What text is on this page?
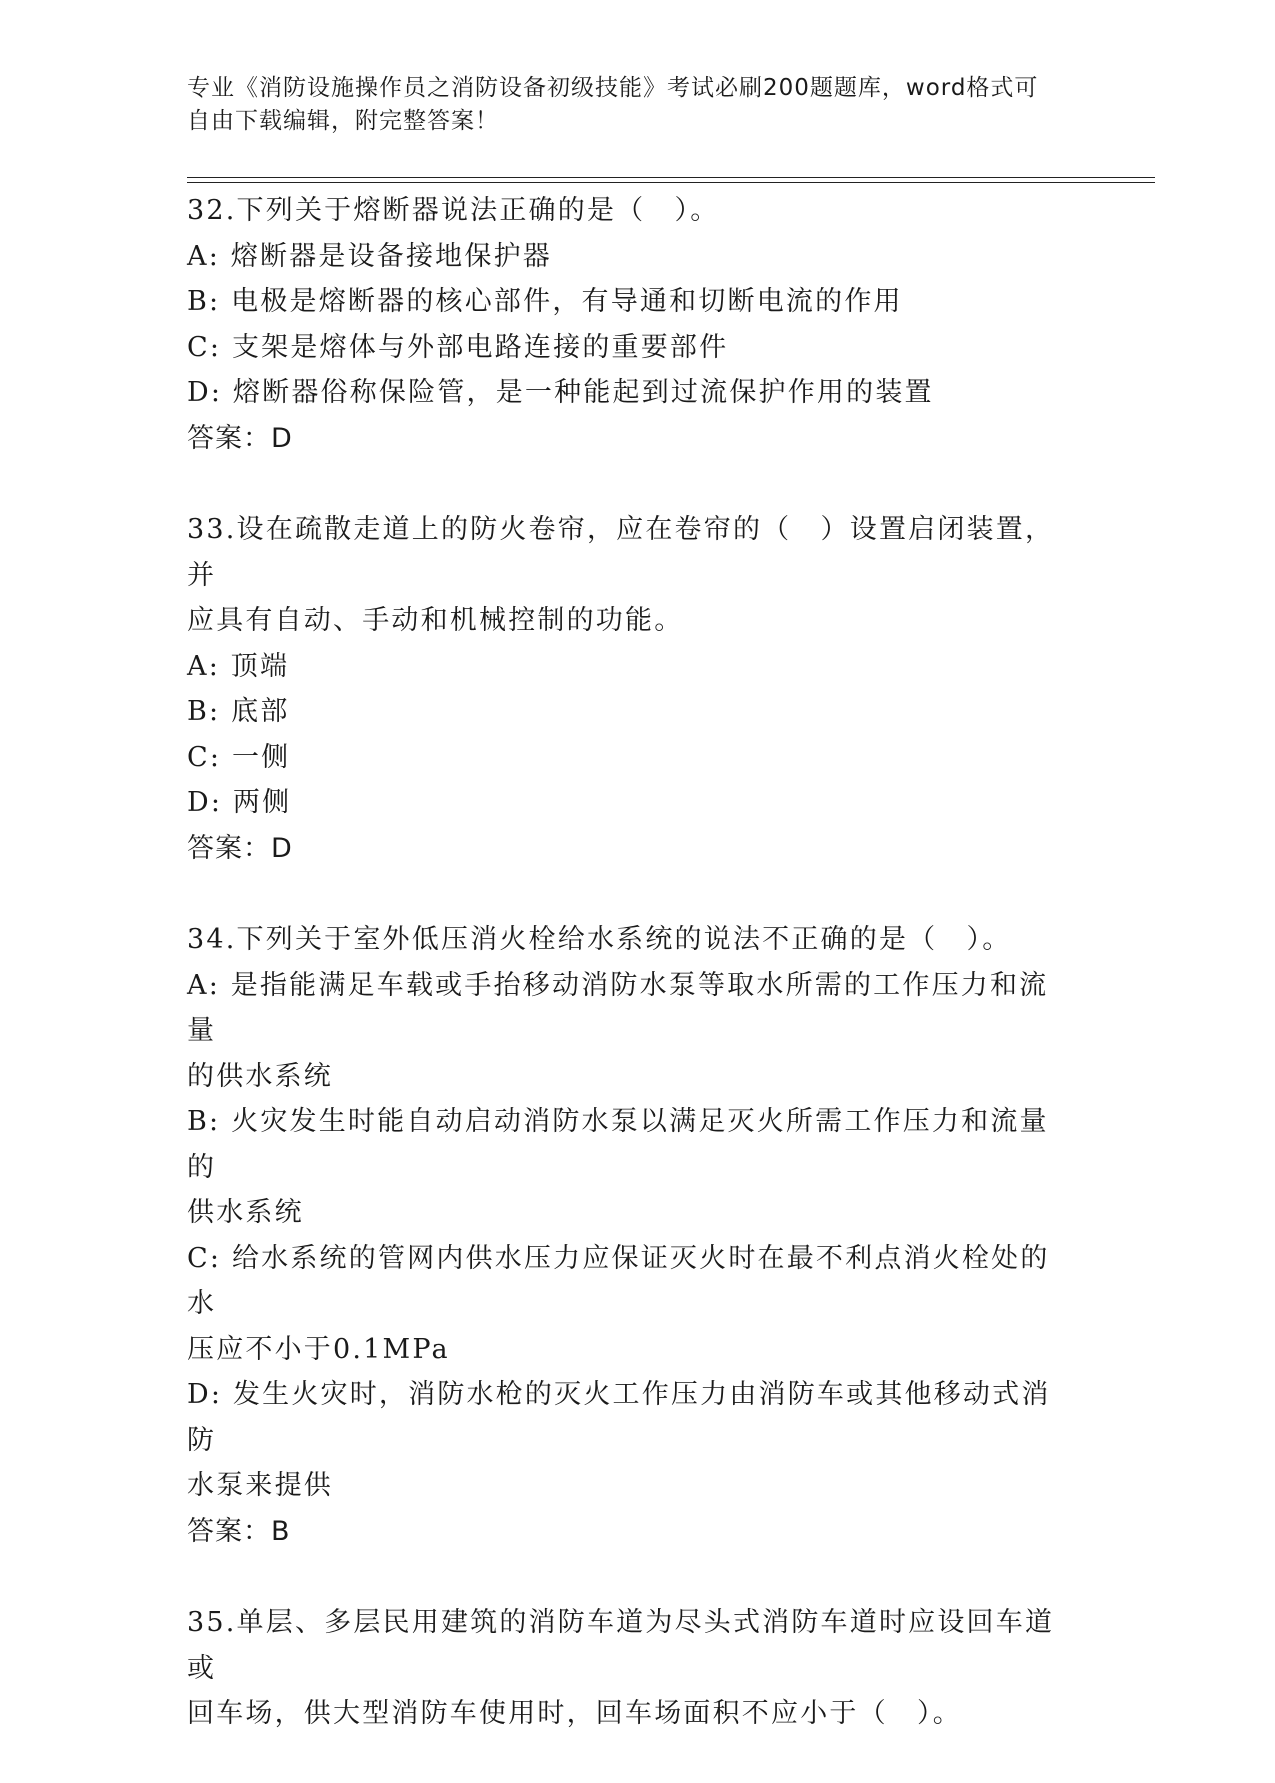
专业《消防设施操作员之消防设备初级技能》考试必刷200题题库，word格式可
自由下载编辑，附完整答案！
32.下列关于熔断器说法正确的是（　）。
A: 熔断器是设备接地保护器
B: 电极是熔断器的核心部件，有导通和切断电流的作用
C: 支架是熔体与外部电路连接的重要部件
D: 熔断器俗称保险管，是一种能起到过流保护作用的装置
答案：D
33.设在疏散走道上的防火卷帘，应在卷帘的（　）设置启闭装置，并
应具有自动、手动和机械控制的功能。
A: 顶端
B: 底部
C: 一侧
D: 两侧
答案：D
34.下列关于室外低压消火栓给水系统的说法不正确的是（　）。
A: 是指能满足车载或手抬移动消防水泵等取水所需的工作压力和流量
的供水系统
B: 火灾发生时能自动启动消防水泵以满足灭火所需工作压力和流量的
供水系统
C: 给水系统的管网内供水压力应保证灭火时在最不利点消火栓处的水
压应不小于0.1MPa
D: 发生火灾时，消防水枪的灭火工作压力由消防车或其他移动式消防
水泵来提供
答案：B
35.单层、多层民用建筑的消防车道为尽头式消防车道时应设回车道或
回车场，供大型消防车使用时，回车场面积不应小于（　）。
